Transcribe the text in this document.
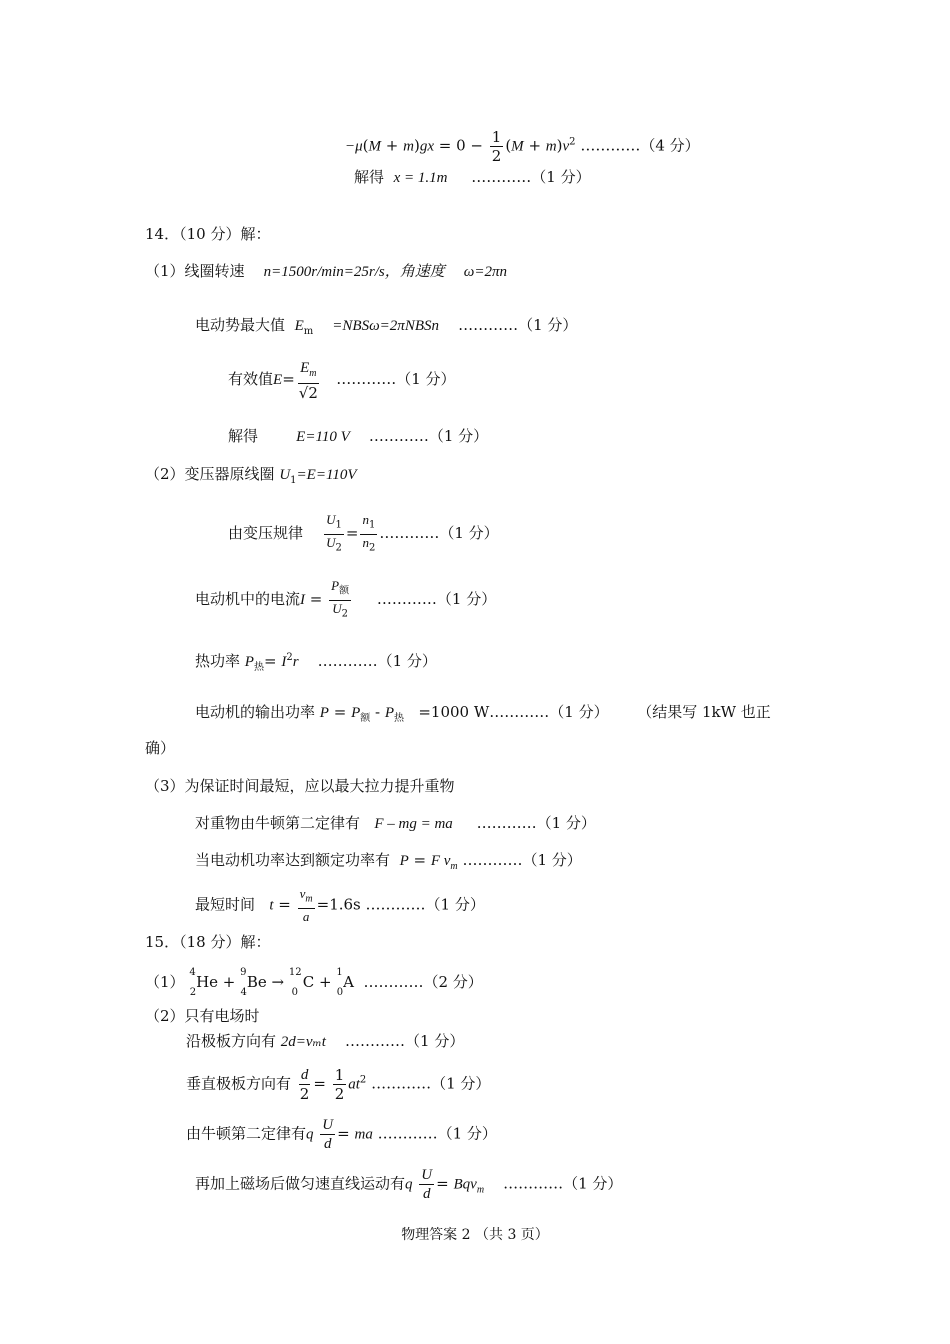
$-\mu(M + m)gx = 0 - \frac{1}{2} (M + m)v^2$ …………（4 分）
解得 x = 1.1m …………（1 分）
14．（10 分）解：
（1）线圈转速 n=1500r/min=25r/s，角速度 ω=2πn
电动势最大值 $E_m$ =NBSω=2πNBSn …………（1 分）
有效值$E= \frac{E_m}{√2}$ …………（1 分）
解得	E=110 V …………（1 分）
（2）变压器原线圈 $U_1=E=110V$
由变压规律 $\frac{U_1}{U_2} = \frac{n_1}{n_2}$ …………（1 分）
电动机中的电流$I = \frac{P_额}{U_2}$ …………（1 分）
热功率 $P_热= I^2r$ …………（1 分）
电动机的输出功率 $P = P_额 - P_热 =1000$ W…………（1 分） （结果写 1kW 也正
确）
（3）为保证时间最短，应以最大拉力提升重物
对重物由牛顿第二定律有 F – mg = ma …………（1 分）
当电动机功率达到额定功率有 P = F $v_m$ …………（1 分）
最短时间 $t = \frac{v_m}{a} =1.6s$ …………（1 分）
15．（18 分）解：
（1） $^4_2$He + $^9_4$Be → $^{12}_0$ C + $^1_0$A  …………（2 分）
（2）只有电场时
沿极板方向有 2d=vₘt …………（1 分）
垂直极板方向有 $\frac{d}{2} = \frac{1}{2} at^2$ …………（1 分）
由牛顿第二定律有q $\frac{U}{d}$ = ma …………（1 分）
再加上磁场后做匀速直线运动有q $\frac{U}{d} = Bqv_m$ …………（1 分）
物理答案 2 （共 3 页）
